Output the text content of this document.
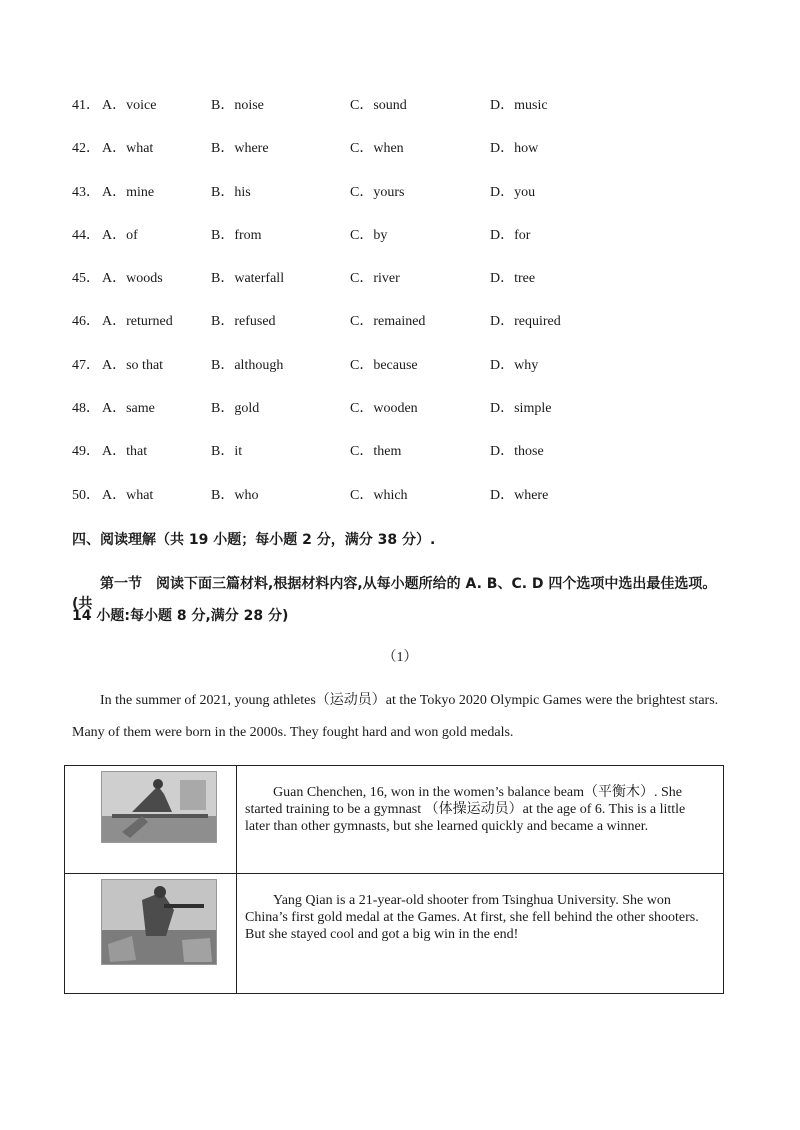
41． A．voice	B．noise	C．sound	D．music
42． A．what	B．where	C．when	D．how
43． A．mine	B．his	C．yours	D．you
44． A．of	B．from	C．by	D．for
45． A．woods	B．waterfall	C．river	D．tree
46． A．returned	B．refused	C．remained	D．required
47． A．so that	B．although	C．because	D．why
48． A．same	B．gold	C．wooden	D．simple
49． A．that	B．it	C．them	D．those
50． A．what	B．who	C．which	D．where
四、阅读理解（共 19 小题；每小题 2 分，满分 38 分）.
第一节　阅读下面三篇材料,根据材料内容,从每小题所给的 A. B、C. D 四个选项中选出最佳选项。(共
14 小题:每小题 8 分,满分 28 分)
（1）
In the summer of 2021, young athletes（运动员）at the Tokyo 2020 Olympic Games were the brightest stars.
Many of them were born in the 2000s. They fought hard and won gold medals.

Guan Chenchen, 16, won in the women’s balance beam（平衡木）. She started training to be a gymnast （体操运动员）at the age of 6. This is a little later than other gymnasts, but she learned quickly and became a winner.

Yang Qian is a 21-year-old shooter from Tsinghua University. She won China’s first gold medal at the Games. At first, she fell behind the other shooters. But she stayed cool and got a big win in the end!
